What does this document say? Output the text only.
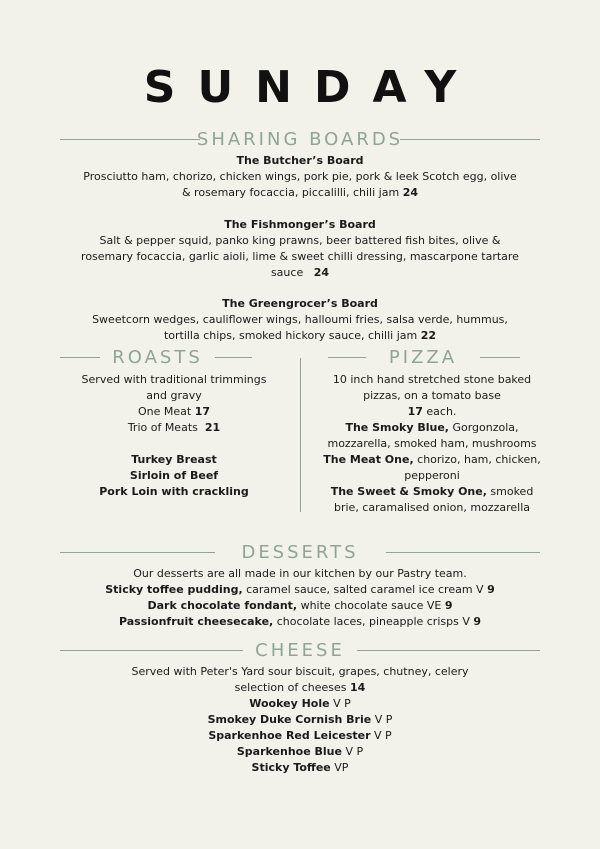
SUNDAY
SHARING BOARDS
The Butcher’s Board
Prosciutto ham, chorizo, chicken wings, pork pie, pork & leek Scotch egg, olive
& rosemary focaccia, piccalilli, chili jam 24
The Fishmonger’s Board
Salt & pepper squid, panko king prawns, beer battered fish bites, olive &
rosemary focaccia, garlic aioli, lime & sweet chilli dressing, mascarpone tartare
sauce 24
The Greengrocer’s Board
Sweetcorn wedges, cauliflower wings, halloumi fries, salsa verde, hummus,
tortilla chips, smoked hickory sauce, chilli jam 22
ROASTS	PIZZA
Served with traditional trimmings
and gravy
One Meat 17
Trio of Meats 21
Turkey Breast
Sirloin of Beef
Pork Loin with crackling
10 inch hand stretched stone baked
pizzas, on a tomato base
17 each.
The Smoky Blue, Gorgonzola,
mozzarella, smoked ham, mushrooms
The Meat One, chorizo, ham, chicken,
pepperoni
The Sweet & Smoky One, smoked
brie, caramalised onion, mozzarella
DESSERTS
Our desserts are all made in our kitchen by our Pastry team.
Sticky toffee pudding, caramel sauce, salted caramel ice cream V 9
Dark chocolate fondant, white chocolate sauce VE 9
Passionfruit cheesecake, chocolate laces, pineapple crisps V 9
CHEESE
Served with Peter's Yard sour biscuit, grapes, chutney, celery
selection of cheeses 14
Wookey Hole V P
Smokey Duke Cornish Brie V P
Sparkenhoe Red Leicester V P
Sparkenhoe Blue V P
Sticky Toffee VP
